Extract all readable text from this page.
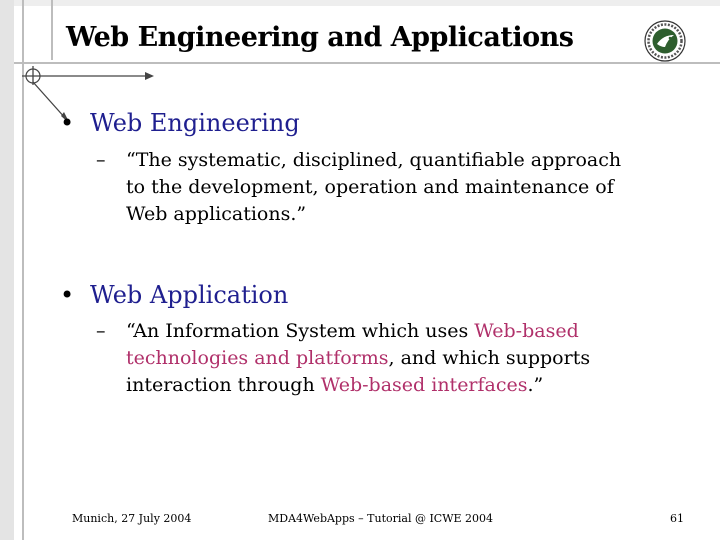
Web Engineering and Applications
• Web Engineering
– “The systematic, disciplined, quantifiable approach
to the development, operation and maintenance of
Web applications.”
• Web Application
– “An Information System which uses Web-based
technologies and platforms, and which supports
interaction through Web-based interfaces.”
Munich, 27 July 2004	MDA4WebApps – Tutorial @ ICWE 2004	61
